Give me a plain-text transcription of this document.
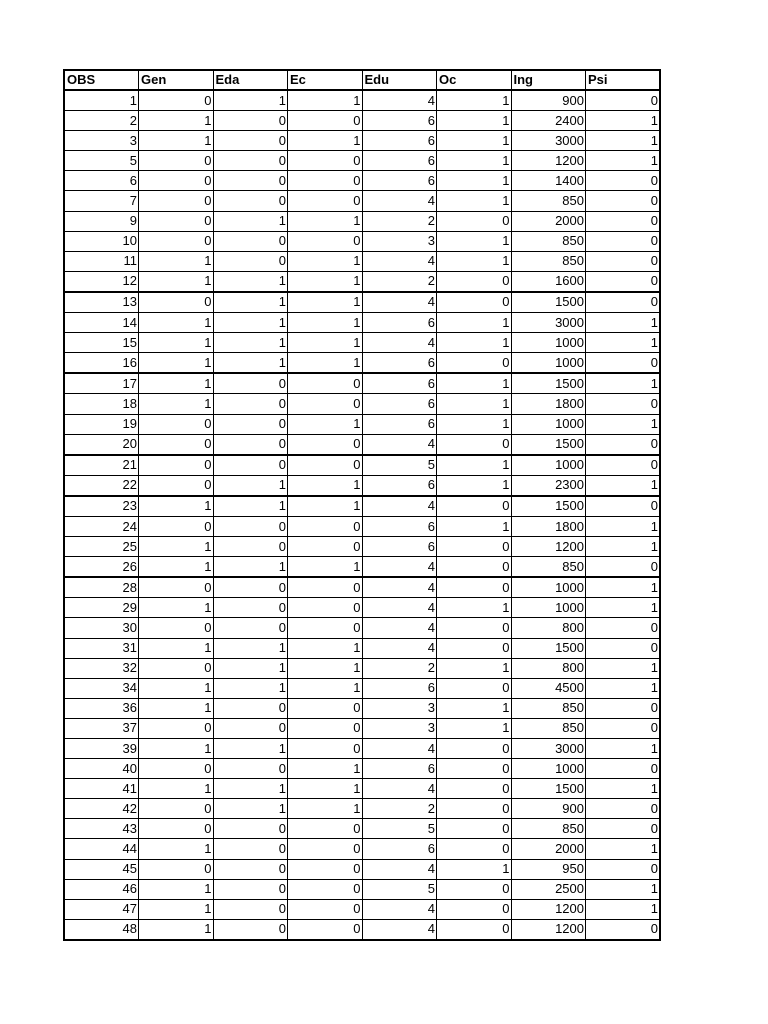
OBS	Gen	Eda	Ec	Edu	Oc	Ing	Psi
1	0	1	1	4	1	900	0
2	1	0	0	6	1	2400	1
3	1	0	1	6	1	3000	1
5	0	0	0	6	1	1200	1
6	0	0	0	6	1	1400	0
7	0	0	0	4	1	850	0
9	0	1	1	2	0	2000	0
10	0	0	0	3	1	850	0
11	1	0	1	4	1	850	0
12	1	1	1	2	0	1600	0
13	0	1	1	4	0	1500	0
14	1	1	1	6	1	3000	1
15	1	1	1	4	1	1000	1
16	1	1	1	6	0	1000	0
17	1	0	0	6	1	1500	1
18	1	0	0	6	1	1800	0
19	0	0	1	6	1	1000	1
20	0	0	0	4	0	1500	0
21	0	0	0	5	1	1000	0
22	0	1	1	6	1	2300	1
23	1	1	1	4	0	1500	0
24	0	0	0	6	1	1800	1
25	1	0	0	6	0	1200	1
26	1	1	1	4	0	850	0
28	0	0	0	4	0	1000	1
29	1	0	0	4	1	1000	1
30	0	0	0	4	0	800	0
31	1	1	1	4	0	1500	0
32	0	1	1	2	1	800	1
34	1	1	1	6	0	4500	1
36	1	0	0	3	1	850	0
37	0	0	0	3	1	850	0
39	1	1	0	4	0	3000	1
40	0	0	1	6	0	1000	0
41	1	1	1	4	0	1500	1
42	0	1	1	2	0	900	0
43	0	0	0	5	0	850	0
44	1	0	0	6	0	2000	1
45	0	0	0	4	1	950	0
46	1	0	0	5	0	2500	1
47	1	0	0	4	0	1200	1
48	1	0	0	4	0	1200	0
